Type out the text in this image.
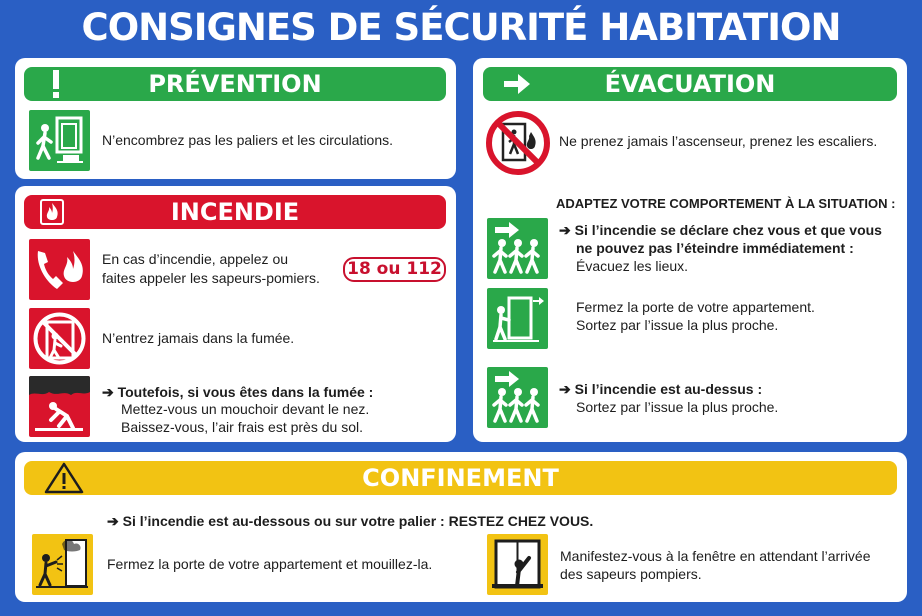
CONSIGNES DE SÉCURITÉ HABITATION
PRÉVENTION
N’encombrez pas les paliers et les circulations.
INCENDIE
En cas d’incendie, appelez ou
faites appeler les sapeurs-pomiers. 18 ou 112
N’entrez jamais dans la fumée.
➔ Toutefois, si vous êtes dans la fumée :
Mettez-vous un mouchoir devant le nez.
Baissez-vous, l’air frais est près du sol.
ÉVACUATION
Ne prenez jamais l’ascenseur, prenez les escaliers.
ADAPTEZ VOTRE COMPORTEMENT À LA SITUATION :
➔ Si l’incendie se déclare chez vous et que vous
ne pouvez pas l’éteindre immédiatement :
Évacuez les lieux.
Fermez la porte de votre appartement.
Sortez par l’issue la plus proche.
➔ Si l’incendie est au-dessus :
Sortez par l’issue la plus proche.
CONFINEMENT
➔ Si l’incendie est au-dessous ou sur votre palier : RESTEZ CHEZ VOUS.
Fermez la porte de votre appartement et mouillez-la.	Manifestez-vous à la fenêtre en attendant l’arrivée
des sapeurs pompiers.
